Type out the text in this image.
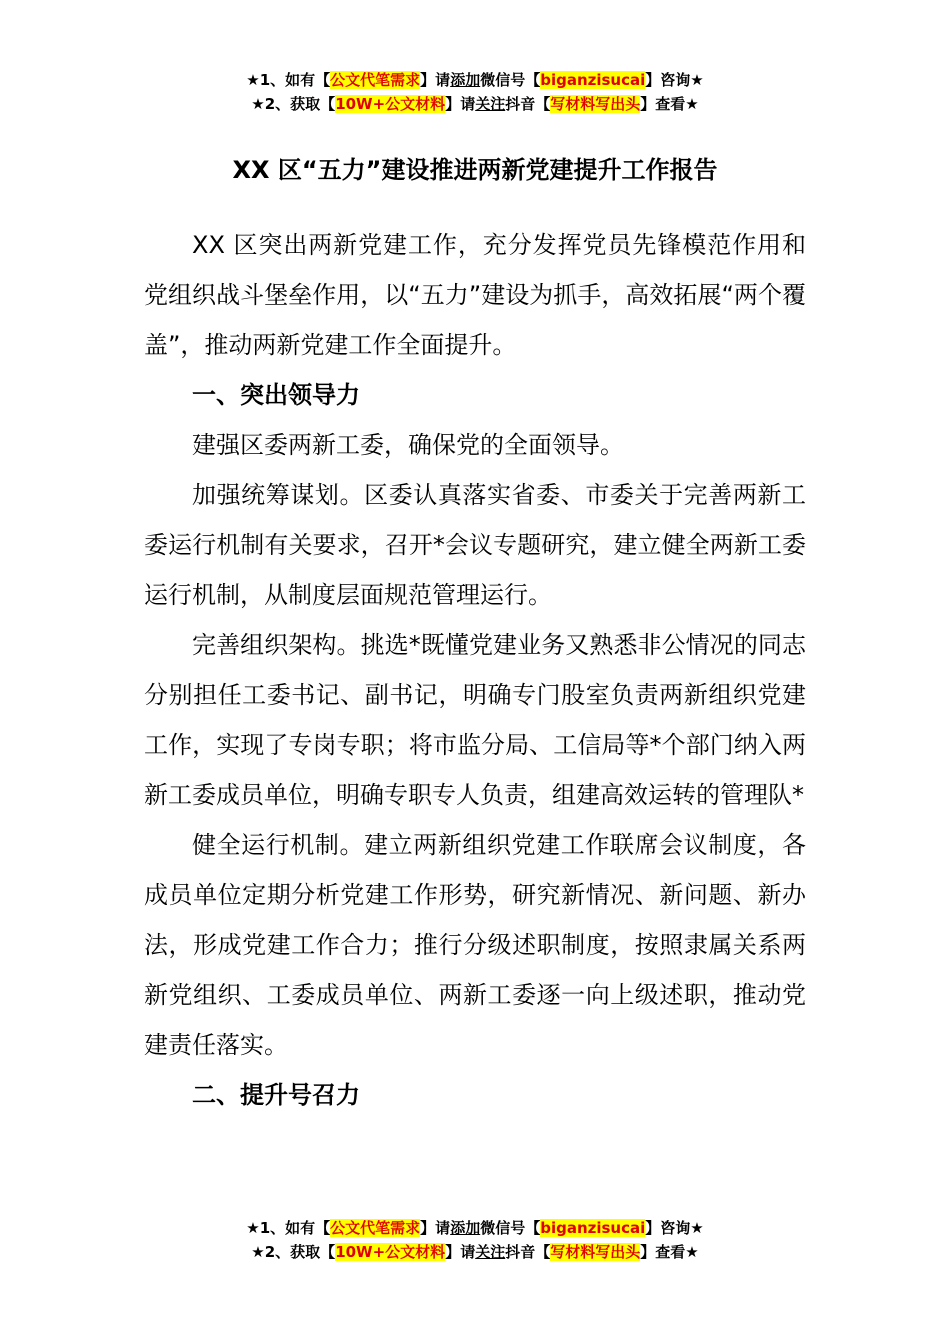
★1、如有【公文代笔需求】请添加微信号【biganzisucai】咨询★
★2、获取【10W+公文材料】请关注抖音【写材料写出头】查看★
XX 区“五力”建设推进两新党建提升工作报告

XX 区突出两新党建工作，充分发挥党员先锋模范作用和党组织战斗堡垒作用，以“五力”建设为抓手，高效拓展“两个覆盖”，推动两新党建工作全面提升。

一、突出领导力

建强区委两新工委，确保党的全面领导。

加强统筹谋划。区委认真落实省委、市委关于完善两新工委运行机制有关要求，召开*会议专题研究，建立健全两新工委运行机制，从制度层面规范管理运行。

完善组织架构。挑选*既懂党建业务又熟悉非公情况的同志分别担任工委书记、副书记，明确专门股室负责两新组织党建工作，实现了专岗专职；将市监分局、工信局等*个部门纳入两新工委成员单位，明确专职专人负责，组建高效运转的管理队*

健全运行机制。建立两新组织党建工作联席会议制度，各成员单位定期分析党建工作形势，研究新情况、新问题、新办法，形成党建工作合力；推行分级述职制度，按照隶属关系两新党组织、工委成员单位、两新工委逐一向上级述职，推动党建责任落实。

二、提升号召力
★1、如有【公文代笔需求】请添加微信号【biganzisucai】咨询★
★2、获取【10W+公文材料】请关注抖音【写材料写出头】查看★
